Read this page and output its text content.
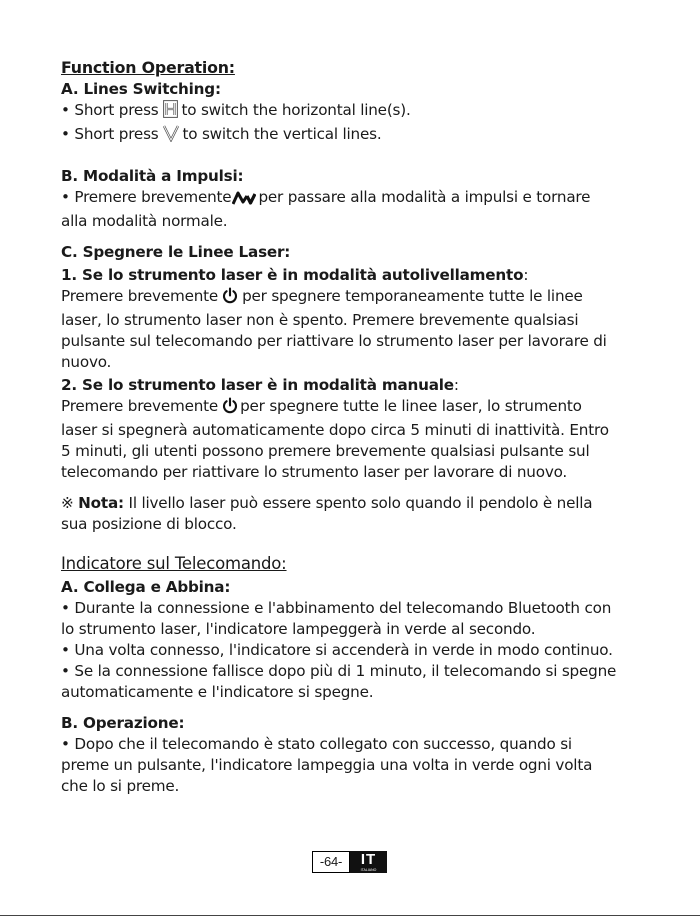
Function Operation:

A. Lines Switching:

• Short press to switch the horizontal line(s).

• Short press to switch the vertical lines.

B. Modalità a Impulsi:

• Premere brevemente per passare alla modalità a impulsi e tornare

alla modalità normale.

C. Spegnere le Linee Laser:

1. Se lo strumento laser è in modalità autolivellamento:

Premere brevemente per spegnere temporaneamente tutte le linee

laser, lo strumento laser non è spento. Premere brevemente qualsiasi

pulsante sul telecomando per riattivare lo strumento laser per lavorare di

nuovo.

2. Se lo strumento laser è in modalità manuale:

Premere brevemente per spegnere tutte le linee laser, lo strumento

laser si spegnerà automaticamente dopo circa 5 minuti di inattività. Entro

5 minuti, gli utenti possono premere brevemente qualsiasi pulsante sul

telecomando per riattivare lo strumento laser per lavorare di nuovo.

※ Nota: Il livello laser può essere spento solo quando il pendolo è nella

sua posizione di blocco.

Indicatore sul Telecomando:

A. Collega e Abbina:

• Durante la connessione e l'abbinamento del telecomando Bluetooth con

lo strumento laser, l'indicatore lampeggerà in verde al secondo.

• Una volta connesso, l'indicatore si accenderà in verde in modo continuo.

• Se la connessione fallisce dopo più di 1 minuto, il telecomando si spegne

automaticamente e l'indicatore si spegne.

B. Operazione:

• Dopo che il telecomando è stato collegato con successo, quando si

preme un pulsante, l'indicatore lampeggia una volta in verde ogni volta

che lo si preme.

-64-	IT
ITALIANO
